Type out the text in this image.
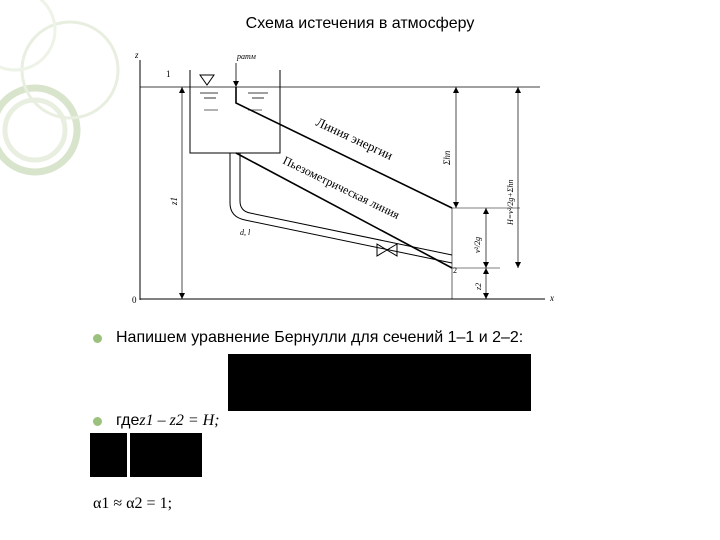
Схема истечения в атмосферу
z
0	x
1
pатм
Линия энергии
Пьезометрическая линия
d, l
2
z1
Σhп
v²/2g
z2
H=v²/2g+Σhп
Напишем уравнение Бернулли для сечений 1–1 и 2–2:
где z1 – z2 = H;
α1 ≈ α2 = 1;
